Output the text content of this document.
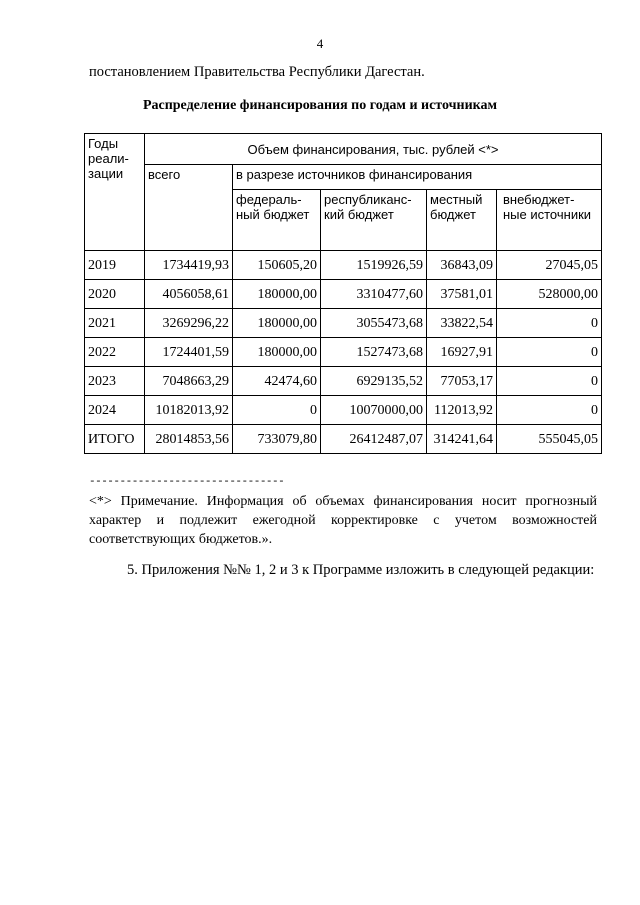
4
постановлением Правительства Республики Дагестан.
Распределение финансирования по годам и источникам
Годы реали-зации	Объем финансирования, тыс. рублей <*>				
	всего	в разрезе источников финансирования			
		федераль-ный бюджет	республиканс-кий бюджет	местный бюджет	внебюджет-ные источники
2019	1734419,93	150605,20	1519926,59	36843,09	27045,05
2020	4056058,61	180000,00	3310477,60	37581,01	528000,00
2021	3269296,22	180000,00	3055473,68	33822,54	0
2022	1724401,59	180000,00	1527473,68	16927,91	0
2023	7048663,29	42474,60	6929135,52	77053,17	0
2024	10182013,92	0	10070000,00	112013,92	0
ИТОГО	28014853,56	733079,80	26412487,07	314241,64	555045,05
--------------------------------
<*> Примечание. Информация об объемах финансирования носит прогнозный характер и подлежит ежегодной корректировке с учетом возможностей соответствующих бюджетов.».
5. Приложения №№ 1, 2 и 3 к Программе изложить в следующей редакции:
